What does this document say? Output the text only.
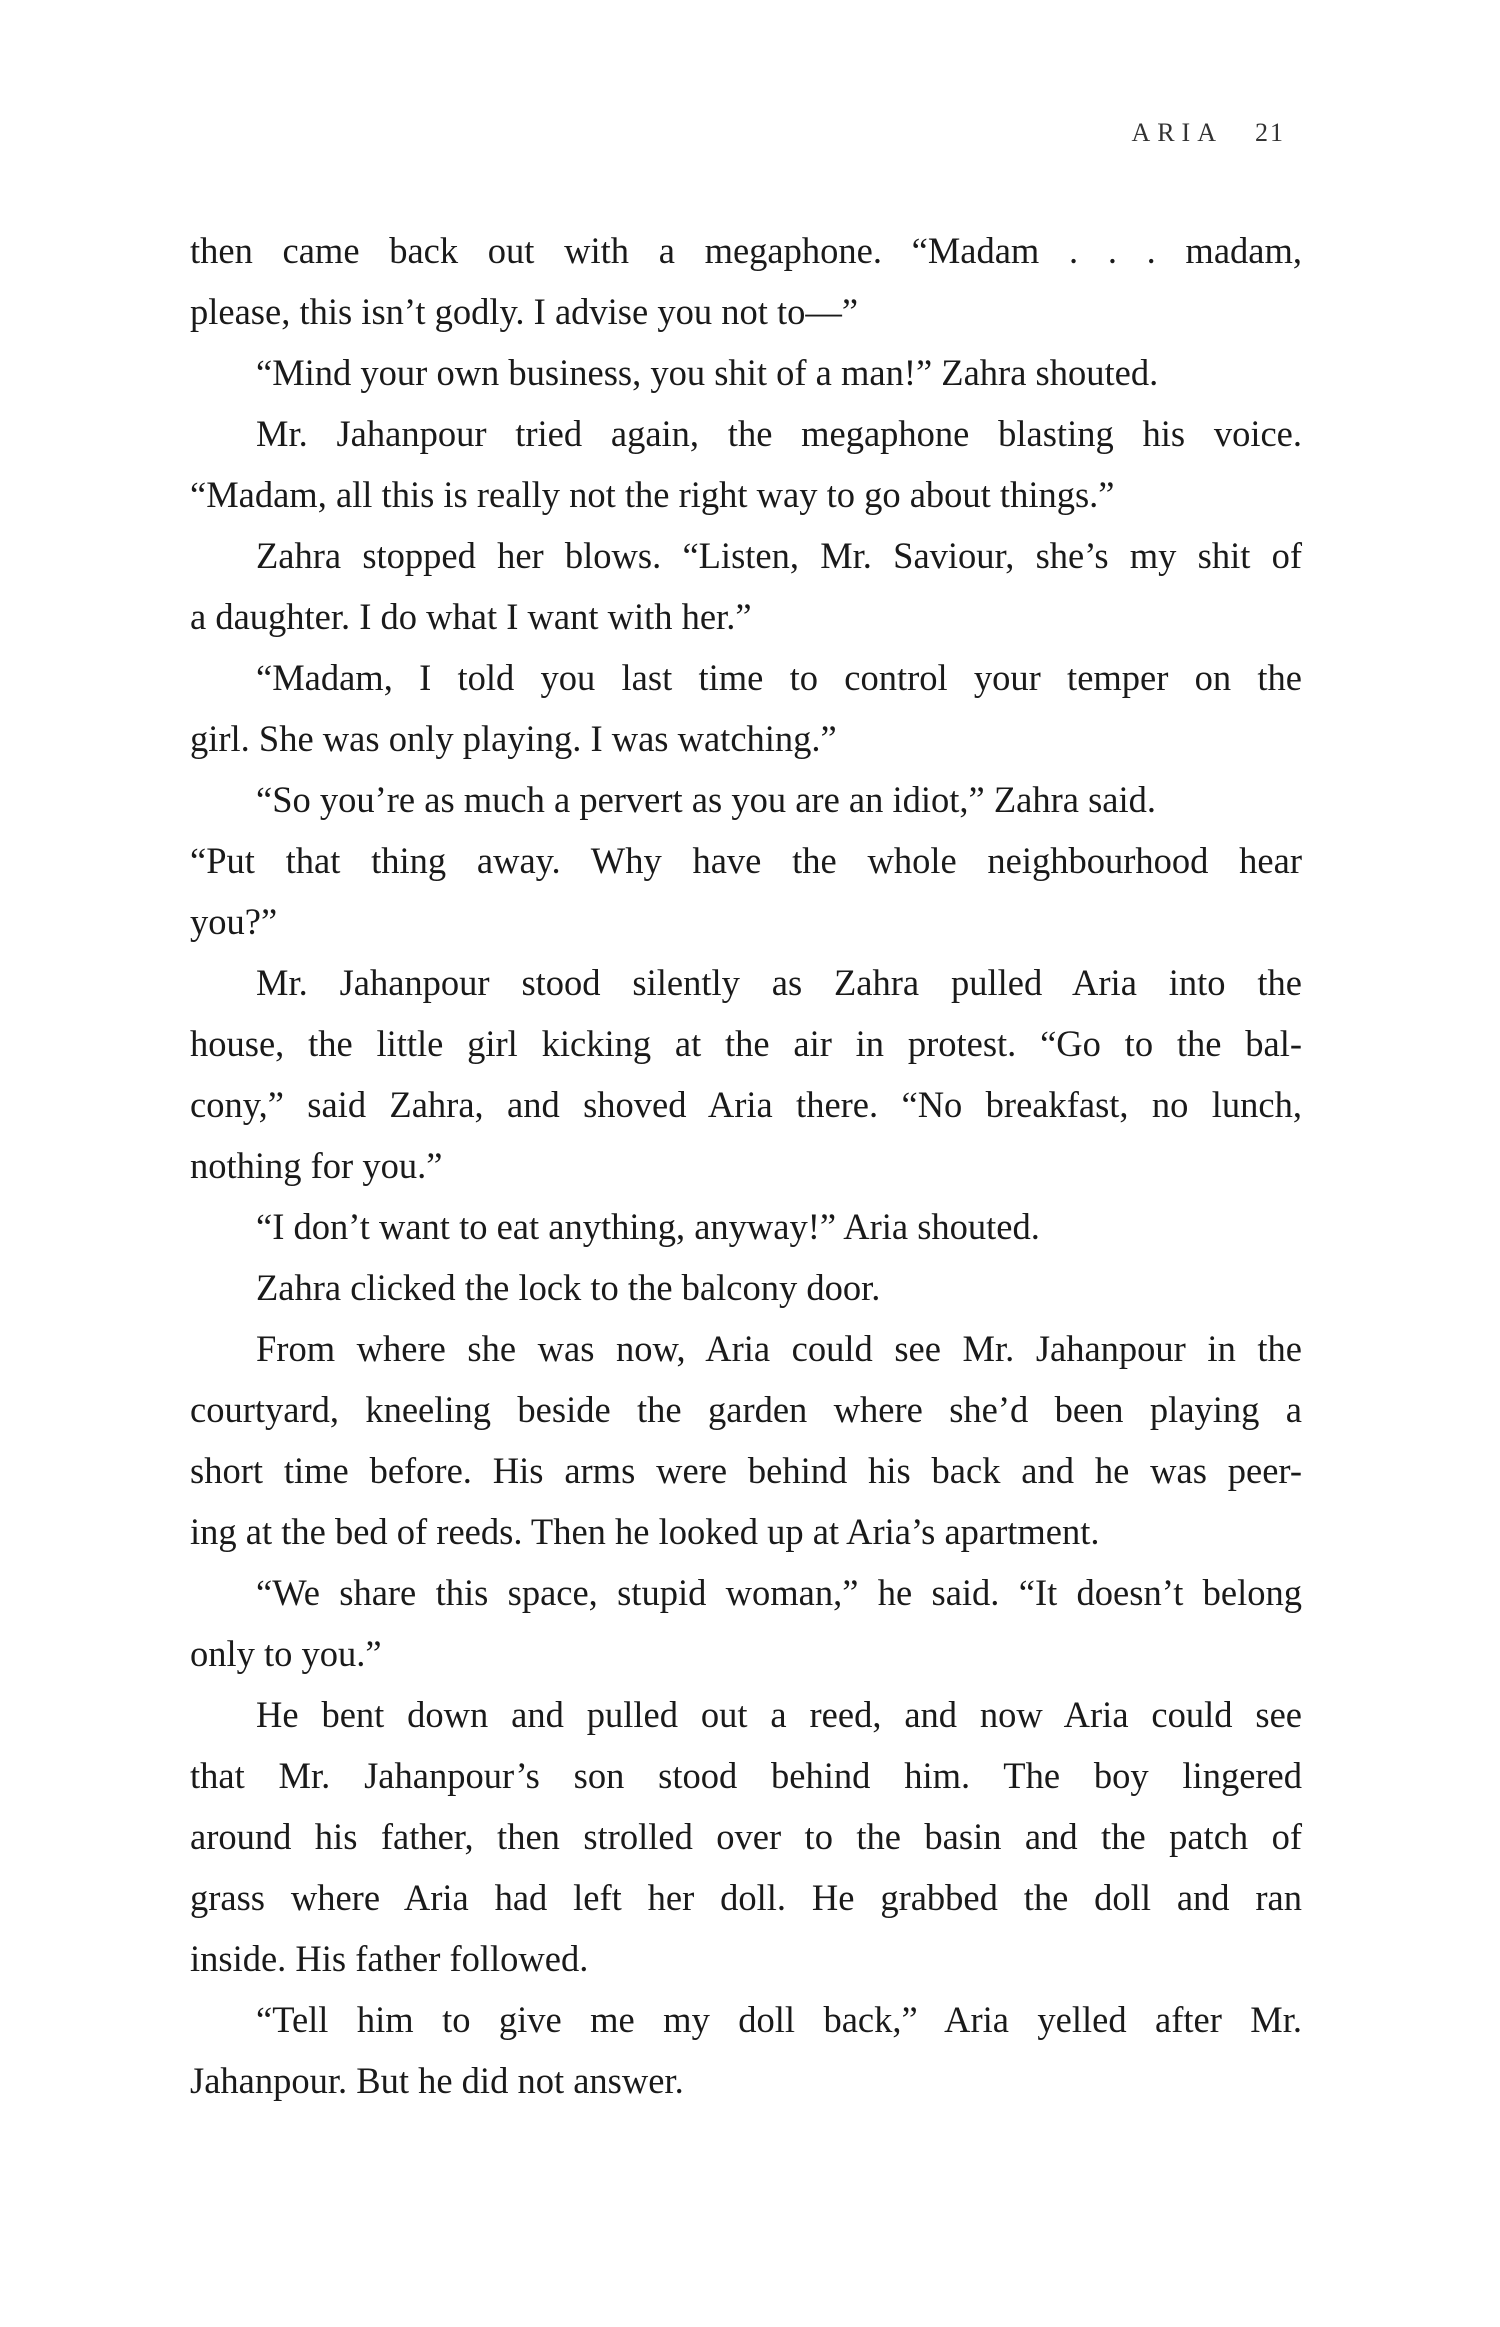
ARIA 21
then came back out with a megaphone. “Madam . . . madam,
please, this isn’t godly. I advise you not to—”
“Mind your own business, you shit of a man!” Zahra shouted.
Mr. Jahanpour tried again, the megaphone blasting his voice.
“Madam, all this is really not the right way to go about things.”
Zahra stopped her blows. “Listen, Mr. Saviour, she’s my shit of
a daughter. I do what I want with her.”
“Madam, I told you last time to control your temper on the
girl. She was only playing. I was watching.”
“So you’re as much a pervert as you are an idiot,” Zahra said.
“Put that thing away. Why have the whole neighbourhood hear
you?”
Mr. Jahanpour stood silently as Zahra pulled Aria into the
house, the little girl kicking at the air in protest. “Go to the bal-
cony,” said Zahra, and shoved Aria there. “No breakfast, no lunch,
nothing for you.”
“I don’t want to eat anything, anyway!” Aria shouted.
Zahra clicked the lock to the balcony door.
From where she was now, Aria could see Mr. Jahanpour in the
courtyard, kneeling beside the garden where she’d been playing a
short time before. His arms were behind his back and he was peer-
ing at the bed of reeds. Then he looked up at Aria’s apartment.
“We share this space, stupid woman,” he said. “It doesn’t belong
only to you.”
He bent down and pulled out a reed, and now Aria could see
that Mr. Jahanpour’s son stood behind him. The boy lingered
around his father, then strolled over to the basin and the patch of
grass where Aria had left her doll. He grabbed the doll and ran
inside. His father followed.
“Tell him to give me my doll back,” Aria yelled after Mr.
Jahanpour. But he did not answer.
